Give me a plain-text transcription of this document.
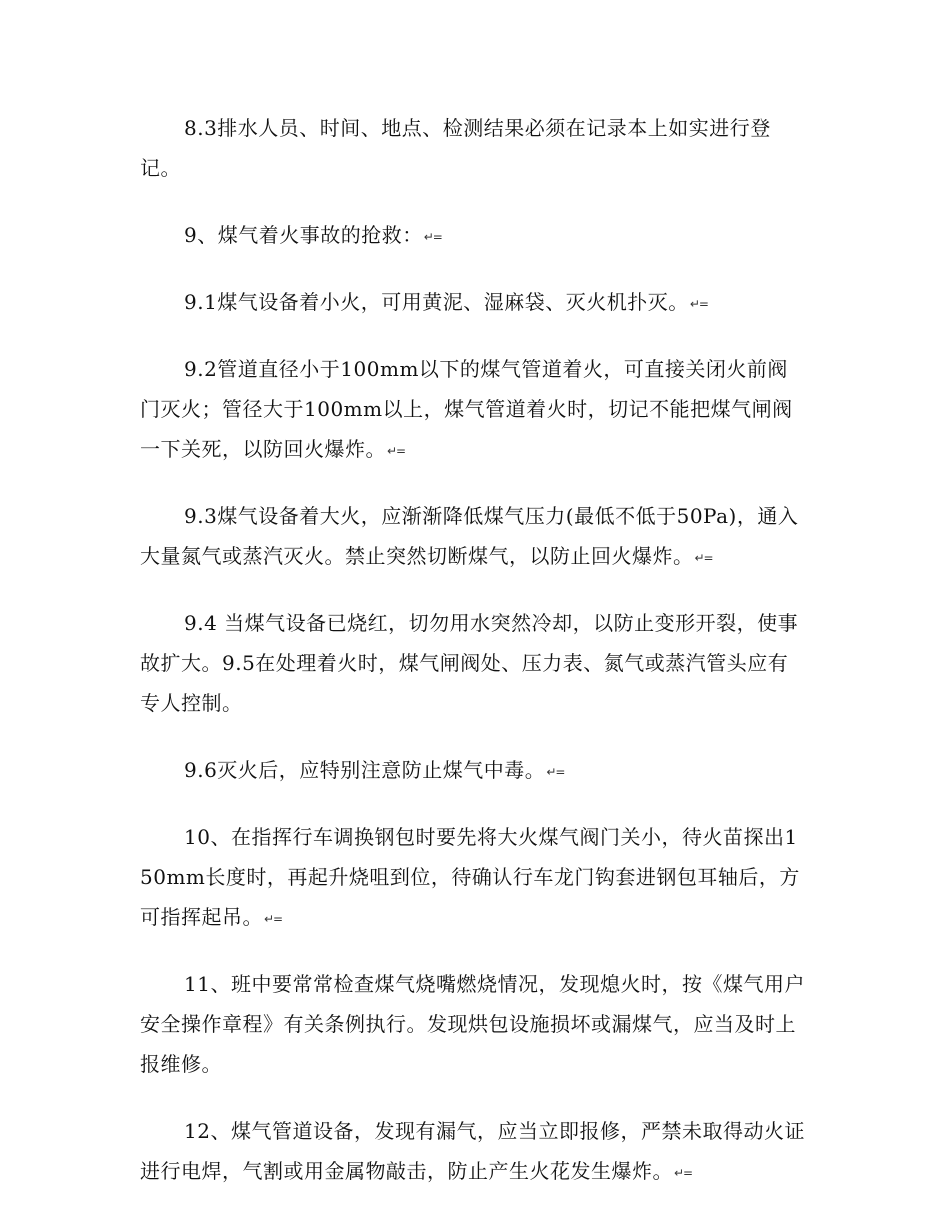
8.3排水人员、时间、地点、检测结果必须在记录本上如实进行登记。

9、煤气着火事故的抢救：↵=

9.1煤气设备着小火，可用黄泥、湿麻袋、灭火机扑灭。↵=

9.2管道直径小于100mm以下的煤气管道着火，可直接关闭火前阀门灭火；管径大于100mm以上，煤气管道着火时，切记不能把煤气闸阀一下关死，以防回火爆炸。↵=

9.3煤气设备着大火，应渐渐降低煤气压力(最低不低于50Pa)，通入大量氮气或蒸汽灭火。禁止突然切断煤气，以防止回火爆炸。↵=

9.4 当煤气设备已烧红，切勿用水突然冷却，以防止变形开裂，使事故扩大。9.5在处理着火时，煤气闸阀处、压力表、氮气或蒸汽管头应有专人控制。

9.6灭火后，应特别注意防止煤气中毒。↵=

10、在指挥行车调换钢包时要先将大火煤气阀门关小，待火苗探出150mm长度时，再起升烧咀到位，待确认行车龙门钩套进钢包耳轴后，方可指挥起吊。↵=

11、班中要常常检查煤气烧嘴燃烧情况，发现熄火时，按《煤气用户安全操作章程》有关条例执行。发现烘包设施损坏或漏煤气，应当及时上报维修。

12、煤气管道设备，发现有漏气，应当立即报修，严禁未取得动火证进行电焊，气割或用金属物敲击，防止产生火花发生爆炸。↵=
